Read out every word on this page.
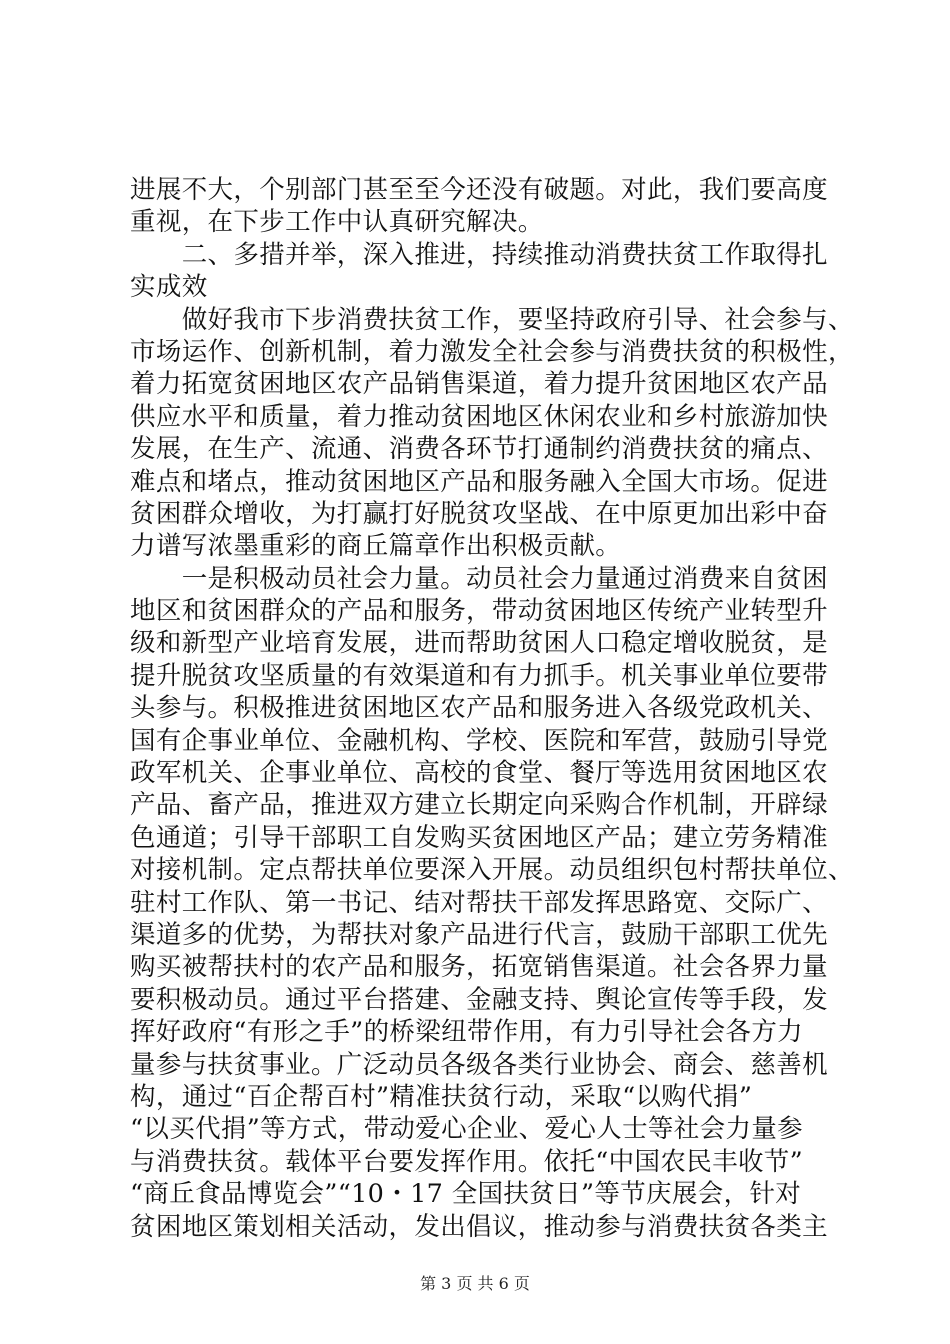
进展不大，个别部门甚至至今还没有破题。对此，我们要高度
重视，在下步工作中认真研究解决。
　　二、多措并举，深入推进，持续推动消费扶贫工作取得扎
实成效
　　做好我市下步消费扶贫工作，要坚持政府引导、社会参与、
市场运作、创新机制，着力激发全社会参与消费扶贫的积极性，
着力拓宽贫困地区农产品销售渠道，着力提升贫困地区农产品
供应水平和质量，着力推动贫困地区休闲农业和乡村旅游加快
发展，在生产、流通、消费各环节打通制约消费扶贫的痛点、
难点和堵点，推动贫困地区产品和服务融入全国大市场。促进
贫困群众增收，为打赢打好脱贫攻坚战、在中原更加出彩中奋
力谱写浓墨重彩的商丘篇章作出积极贡献。
　　一是积极动员社会力量。动员社会力量通过消费来自贫困
地区和贫困群众的产品和服务，带动贫困地区传统产业转型升
级和新型产业培育发展，进而帮助贫困人口稳定增收脱贫，是
提升脱贫攻坚质量的有效渠道和有力抓手。机关事业单位要带
头参与。积极推进贫困地区农产品和服务进入各级党政机关、
国有企事业单位、金融机构、学校、医院和军营，鼓励引导党
政军机关、企事业单位、高校的食堂、餐厅等选用贫困地区农
产品、畜产品，推进双方建立长期定向采购合作机制，开辟绿
色通道；引导干部职工自发购买贫困地区产品；建立劳务精准
对接机制。定点帮扶单位要深入开展。动员组织包村帮扶单位、
驻村工作队、第一书记、结对帮扶干部发挥思路宽、交际广、
渠道多的优势，为帮扶对象产品进行代言，鼓励干部职工优先
购买被帮扶村的农产品和服务，拓宽销售渠道。社会各界力量
要积极动员。通过平台搭建、金融支持、舆论宣传等手段，发
挥好政府“有形之手”的桥梁纽带作用，有力引导社会各方力
量参与扶贫事业。广泛动员各级各类行业协会、商会、慈善机
构，通过“百企帮百村”精准扶贫行动，采取“以购代捐”
“以买代捐”等方式，带动爱心企业、爱心人士等社会力量参
与消费扶贫。载体平台要发挥作用。依托“中国农民丰收节”
“商丘食品博览会”“10・17 全国扶贫日”等节庆展会，针对
贫困地区策划相关活动，发出倡议，推动参与消费扶贫各类主
第 3 页 共 6 页
